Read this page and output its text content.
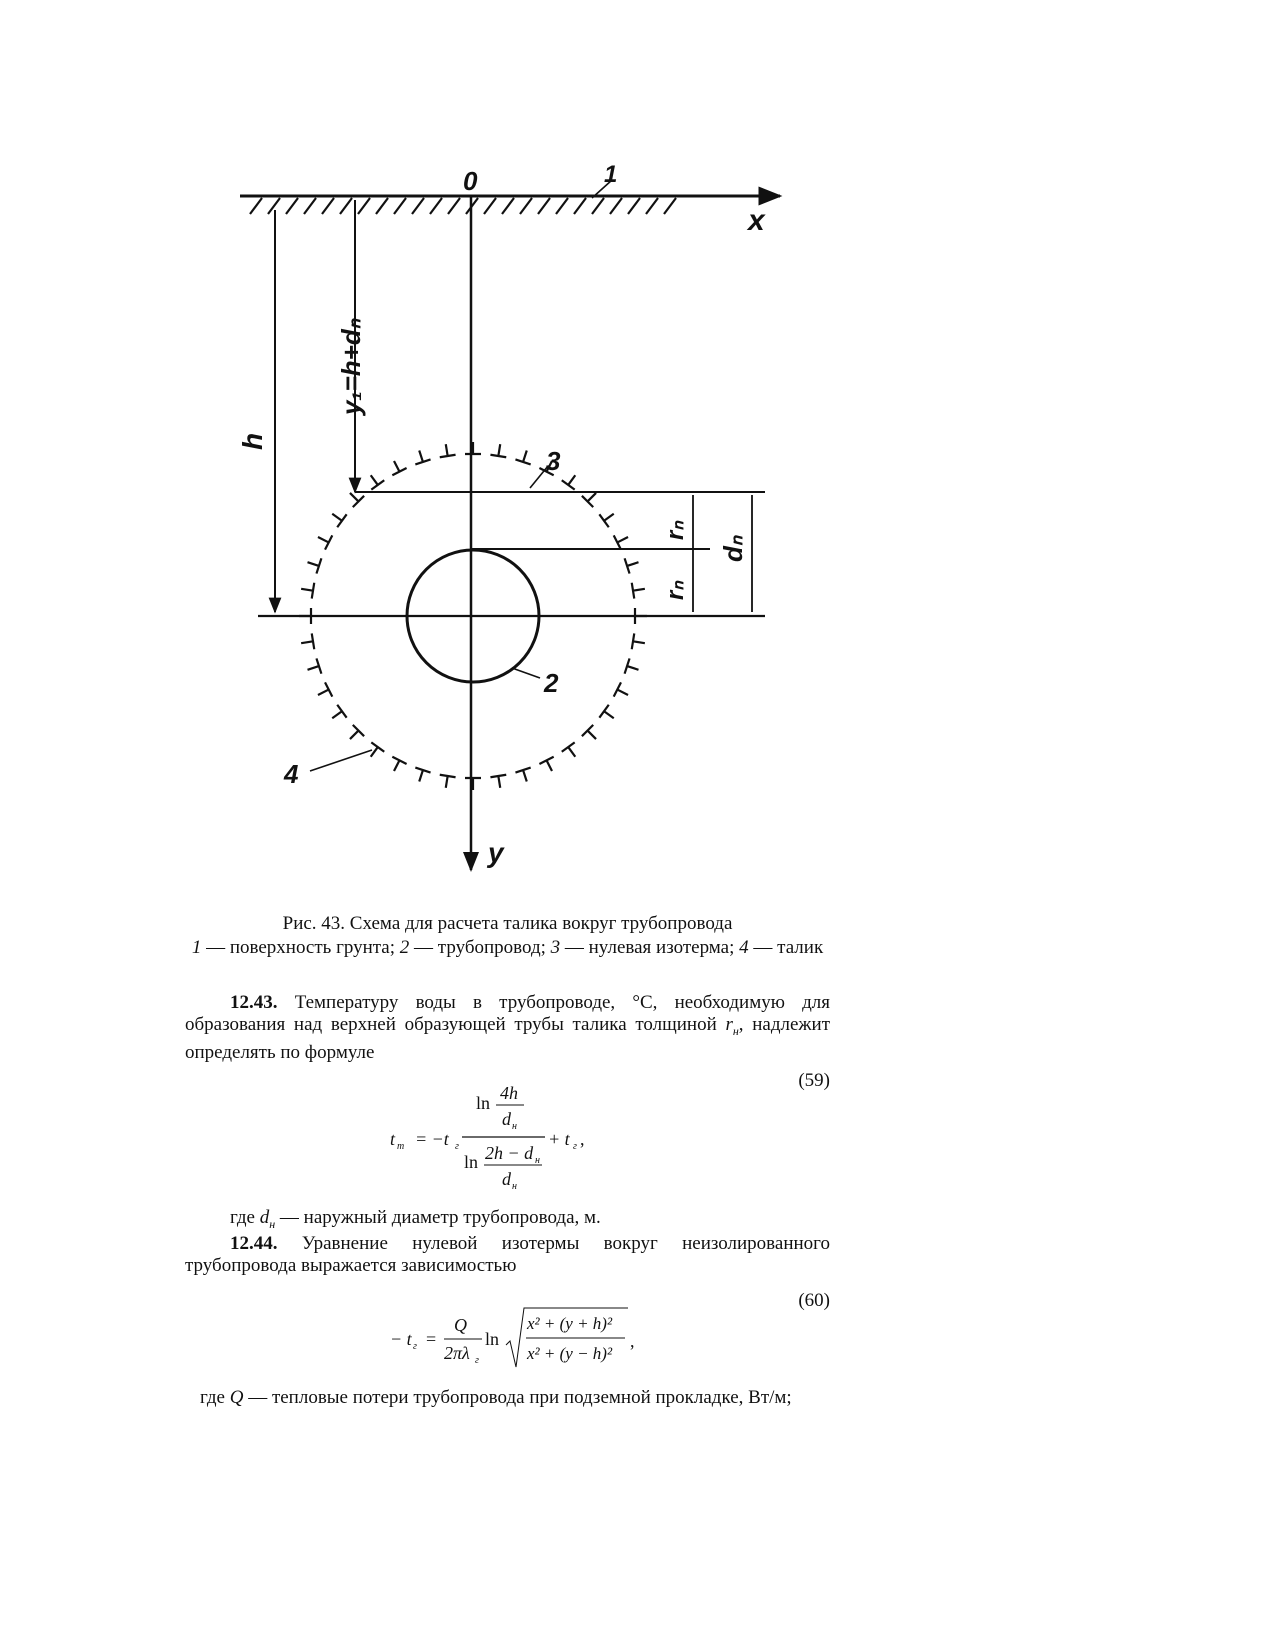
0
x
y
1
2
3
4
h
y₁=h+dₙ
dₙ
rₙ
rₙ
Рис. 43. Схема для расчета талика вокруг трубопровода
1 — поверхность грунта; 2 — трубопровод; 3 — нулевая изотерма; 4 — талик
12.43. Температуру воды в трубопроводе, °С, необходимую для образования над верхней образующей трубы талика толщиной $r_н$, надлежит определять по формуле
(59)
t т = −t г
ln 4h
d н
ln 2h − d н
d н
+ t г ,
где $d_н$ — наружный диаметр трубопровода, м.
12.44. Уравнение нулевой изотермы вокруг неизолированного трубопровода выражается зависимостью
(60)
− t г =
Q
2πλ г
ln
x² + (y + h)²
x² + (y − h)²
,
где Q — тепловые потери трубопровода при подземной прокладке, Вт/м;
